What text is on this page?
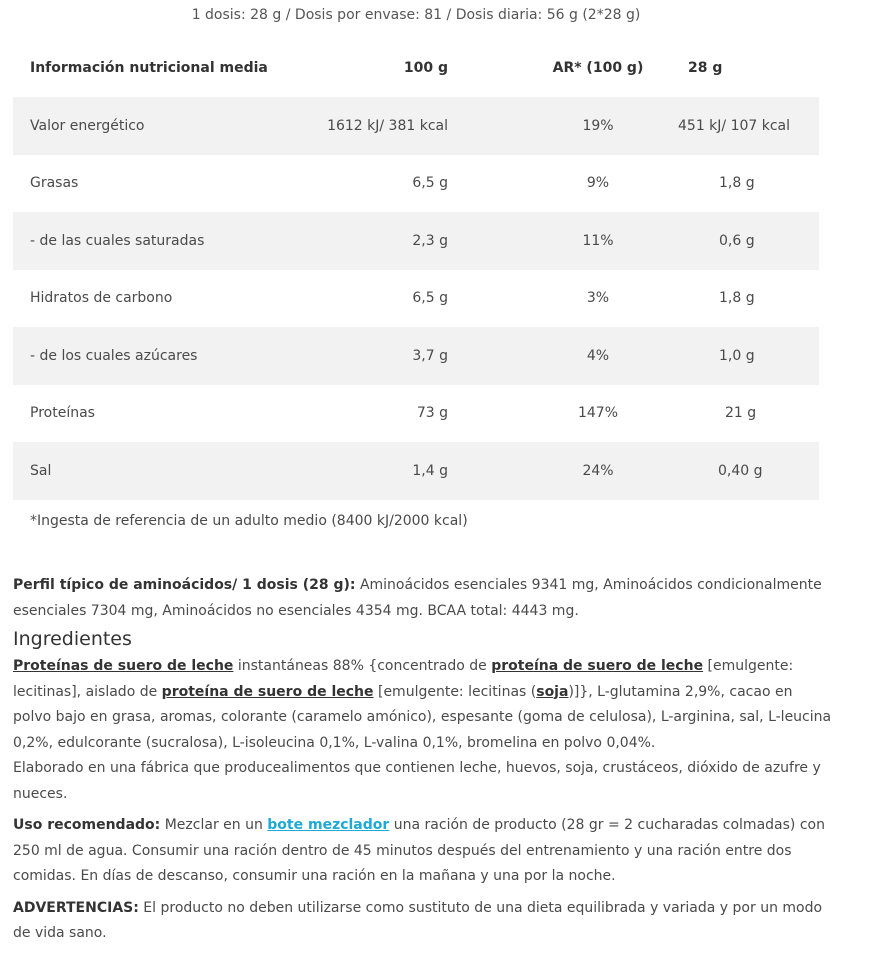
1 dosis: 28 g / Dosis por envase: 81 / Dosis diaria: 56 g (2*28 g)
Información nutricional media	100 g	AR* (100 g)	28 g
Valor energético	1612 kJ/ 381 kcal	19%	451 kJ/ 107 kcal
Grasas	6,5 g	9%	1,8 g
- de las cuales saturadas	2,3 g	11%	0,6 g
Hidratos de carbono	6,5 g	3%	1,8 g
- de los cuales azúcares	3,7 g	4%	1,0 g
Proteínas	73 g	147%	21 g
Sal	1,4 g	24%	0,40 g
*Ingesta de referencia de un adulto medio (8400 kJ/2000 kcal)

Perfil típico de aminoácidos/ 1 dosis (28 g): Aminoácidos esenciales 9341 mg, Aminoácidos condicionalmente esenciales 7304 mg, Aminoácidos no esenciales 4354 mg. BCAA total: 4443 mg.

Ingredientes

Proteínas de suero de leche instantáneas 88% {concentrado de proteína de suero de leche [emulgente: lecitinas], aislado de proteína de suero de leche [emulgente: lecitinas (soja)]}, L-glutamina 2,9%, cacao en polvo bajo en grasa, aromas, colorante (caramelo amónico), espesante (goma de celulosa), L-arginina, sal, L-leucina 0,2%, edulcorante (sucralosa), L-isoleucina 0,1%, L-valina 0,1%, bromelina en polvo 0,04%.

Elaborado en una fábrica que producealimentos que contienen leche, huevos, soja, crustáceos, dióxido de azufre y nueces.

Uso recomendado: Mezclar en un bote mezclador una ración de producto (28 gr = 2 cucharadas colmadas) con 250 ml de agua. Consumir una ración dentro de 45 minutos después del entrenamiento y una ración entre dos comidas. En días de descanso, consumir una ración en la mañana y una por la noche.

ADVERTENCIAS: El producto no deben utilizarse como sustituto de una dieta equilibrada y variada y por un modo de vida sano.
